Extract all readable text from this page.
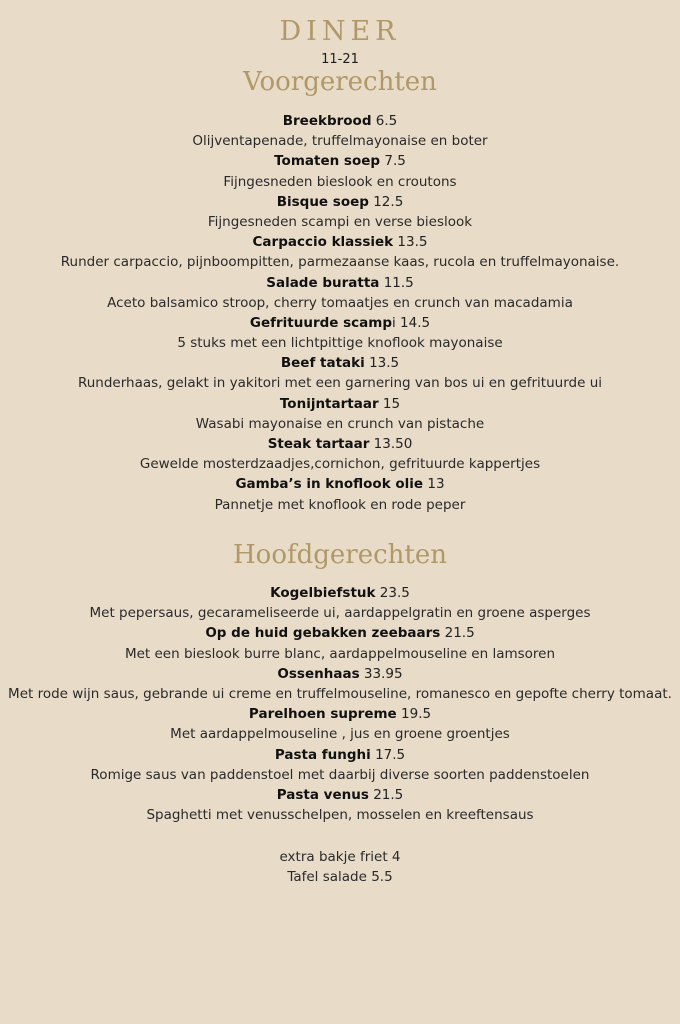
DINER
11-21
Voorgerechten
Breekbrood 6.5
Olijventapenade, truffelmayonaise en boter
Tomaten soep 7.5
Fijngesneden bieslook en croutons
Bisque soep 12.5
Fijngesneden scampi en verse bieslook
Carpaccio klassiek 13.5
Runder carpaccio, pijnboompitten, parmezaanse kaas, rucola en truffelmayonaise.
Salade buratta 11.5
Aceto balsamico stroop, cherry tomaatjes en crunch van macadamia
Gefrituurde scampi 14.5
5 stuks met een lichtpittige knoflook mayonaise
Beef tataki 13.5
Runderhaas, gelakt in yakitori met een garnering van bos ui en gefrituurde ui
Tonijntartaar 15
Wasabi mayonaise en crunch van pistache
Steak tartaar 13.50
Gewelde mosterdzaadjes,cornichon, gefrituurde kappertjes
Gamba’s in knoflook olie 13
Pannetje met knoflook en rode peper
Hoofdgerechten
Kogelbiefstuk 23.5
Met pepersaus, gecarameliseerde ui, aardappelgratin en groene asperges
Op de huid gebakken zeebaars 21.5
Met een bieslook burre blanc, aardappelmouseline en lamsoren
Ossenhaas 33.95
Met rode wijn saus, gebrande ui creme en truffelmouseline, romanesco en gepofte cherry tomaat.
Parelhoen supreme 19.5
Met aardappelmouseline , jus en groene groentjes
Pasta funghi 17.5
Romige saus van paddenstoel met daarbij diverse soorten paddenstoelen
Pasta venus 21.5
Spaghetti met venusschelpen, mosselen en kreeftensaus
extra bakje friet 4
Tafel salade 5.5
